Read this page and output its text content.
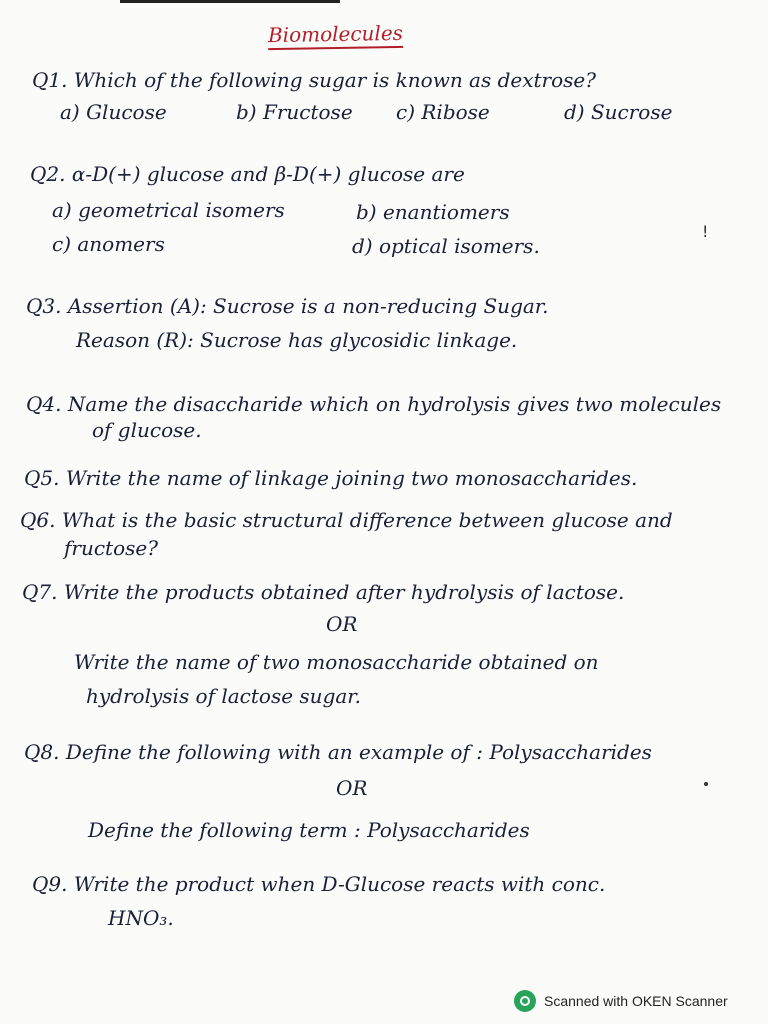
Biomolecules
Q1. Which of the following sugar is known as dextrose?
a) Glucose	b) Fructose c) Ribose	d) Sucrose
Q2. α-D(+) glucose and β-D(+) glucose are
a) geometrical isomers	b) enantiomers
c) anomers	d) optical isomers.
!
Q3. Assertion (A): Sucrose is a non-reducing Sugar.
Reason (R): Sucrose has glycosidic linkage.
Q4. Name the disaccharide which on hydrolysis gives two molecules
of glucose.
Q5. Write the name of linkage joining two monosaccharides.
Q6. What is the basic structural difference between glucose and
fructose?
Q7. Write the products obtained after hydrolysis of lactose.
OR
Write the name of two monosaccharide obtained on
hydrolysis of lactose sugar.
Q8. Define the following with an example of : Polysaccharides
OR
Define the following term : Polysaccharides
Q9. Write the product when D-Glucose reacts with conc.
HNO₃.
Scanned with OKEN Scanner
